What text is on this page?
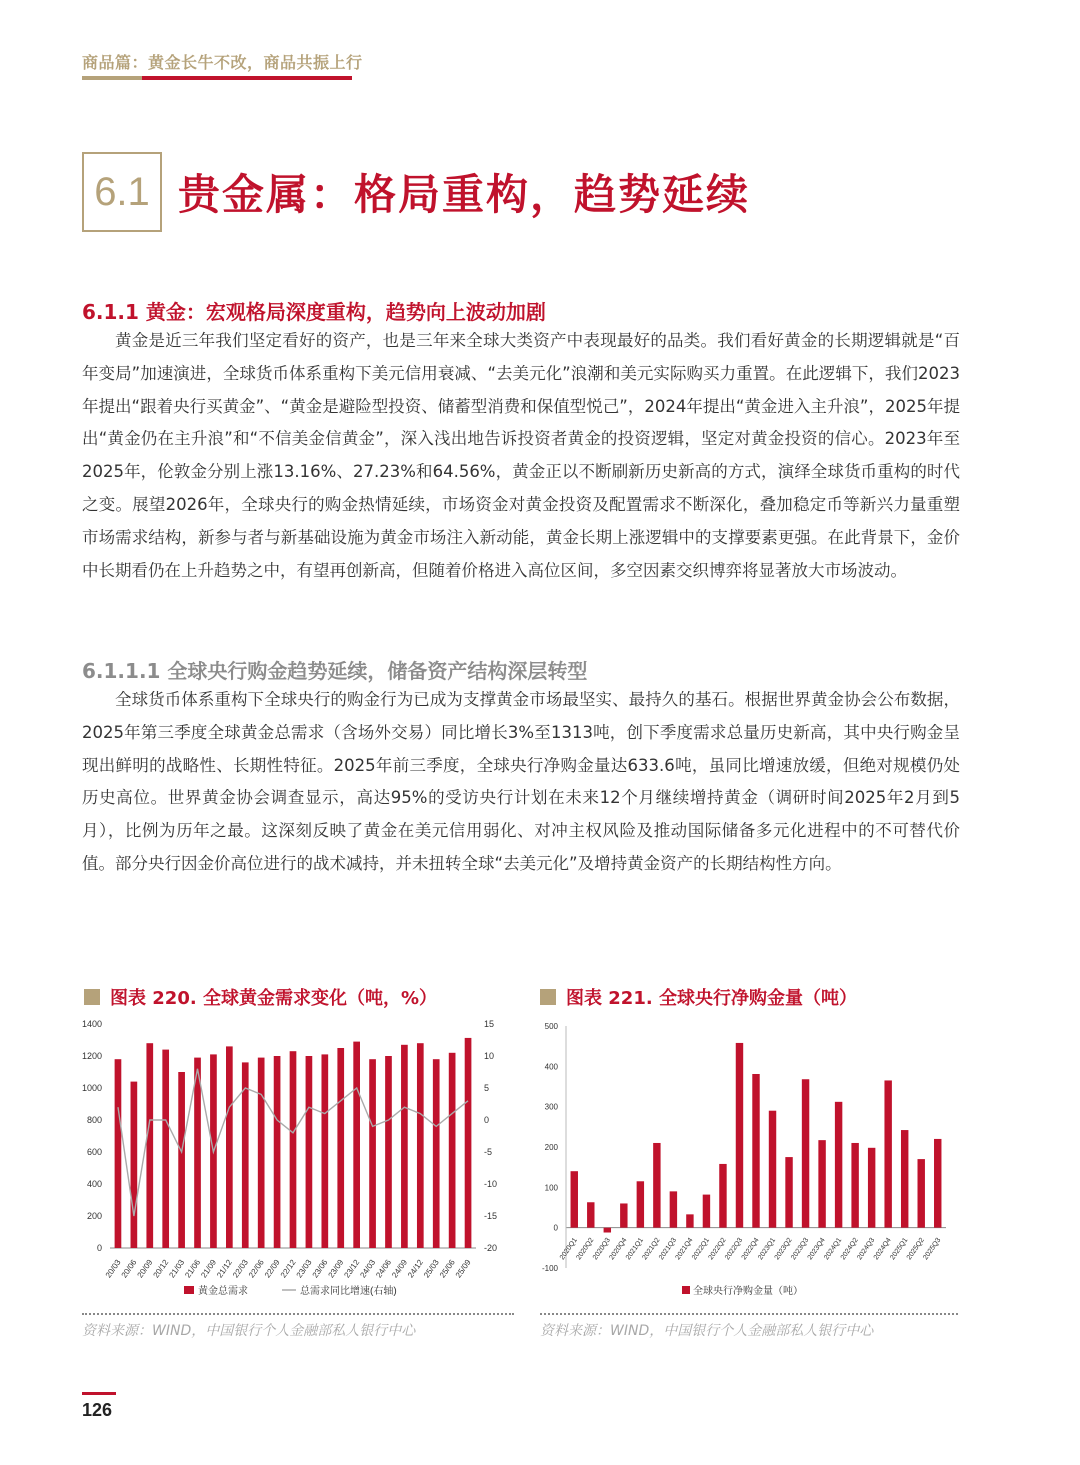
商品篇：黄金长牛不改，商品共振上行
6.1 贵金属：格局重构，趋势延续
6.1.1 黄金：宏观格局深度重构，趋势向上波动加剧

黄金是近三年我们坚定看好的资产，也是三年来全球大类资产中表现最好的品类。我们看好黄金的长期逻辑就是“百年变局”加速演进，全球货币体系重构下美元信用衰减、“去美元化”浪潮和美元实际购买力重置。在此逻辑下，我们2023年提出“跟着央行买黄金”、“黄金是避险型投资、储蓄型消费和保值型悦己”，2024年提出“黄金进入主升浪”，2025年提出“黄金仍在主升浪”和“不信美金信黄金”，深入浅出地告诉投资者黄金的投资逻辑，坚定对黄金投资的信心。2023年至2025年，伦敦金分别上涨13.16%、27.23%和64.56%，黄金正以不断刷新历史新高的方式，演绎全球货币重构的时代之变。展望2026年，全球央行的购金热情延续，市场资金对黄金投资及配置需求不断深化，叠加稳定币等新兴力量重塑市场需求结构，新参与者与新基础设施为黄金市场注入新动能，黄金长期上涨逻辑中的支撑要素更强。在此背景下，金价中长期看仍在上升趋势之中，有望再创新高，但随着价格进入高位区间，多空因素交织博弈将显著放大市场波动。

6.1.1.1 全球央行购金趋势延续，储备资产结构深层转型

全球货币体系重构下全球央行的购金行为已成为支撑黄金市场最坚实、最持久的基石。根据世界黄金协会公布数据，2025年第三季度全球黄金总需求（含场外交易）同比增长3%至1313吨，创下季度需求总量历史新高，其中央行购金呈现出鲜明的战略性、长期性特征。2025年前三季度，全球央行净购金量达633.6吨，虽同比增速放缓，但绝对规模仍处历史高位。世界黄金协会调查显示，高达95%的受访央行计划在未来12个月继续增持黄金（调研时间2025年2月到5月），比例为历年之最。这深刻反映了黄金在美元信用弱化、对冲主权风险及推动国际储备多元化进程中的不可替代价值。部分央行因金价高位进行的战术减持，并未扭转全球“去美元化”及增持黄金资产的长期结构性方向。

图表 220. 全球黄金需求变化（吨，%）	图表 221. 全球央行净购金量（吨）
0
200
400
600
800
1000
1200
1400
-20
-15
-10
-5
0
5
10
15
20/03
20/06
20/09
20/12
21/03
21/06
21/09
21/12
22/03
22/06
22/09
22/12
23/03
23/06
23/09
23/12
24/03
24/06
24/09
24/12
25/03
25/06
25/09
黄金总需求	总需求同比增速(右轴)
-100
0
100
200
300
400
500
2020Q1
2020Q2
2020Q3
2020Q4
2021Q1
2021Q2
2021Q3
2021Q4
2022Q1
2022Q2
2022Q3
2022Q4
2023Q1
2023Q2
2023Q3
2023Q4
2024Q1
2024Q2
2024Q3
2024Q4
2025Q1
2025Q2
2025Q3
全球央行净购金量（吨）
资料来源：WIND，中国银行个人金融部私人银行中心	资料来源：WIND，中国银行个人金融部私人银行中心
126
